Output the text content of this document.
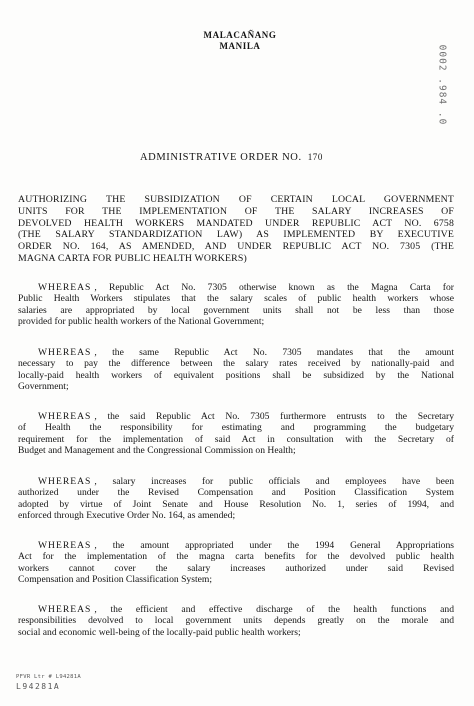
MALACAÑANG
MANILA	0002 .984 .0
ADMINISTRATIVE ORDER NO. 170
AUTHORIZING THE SUBSIDIZATION OF CERTAIN LOCAL GOVERNMENT
UNITS FOR THE IMPLEMENTATION OF THE SALARY INCREASES OF
DEVOLVED HEALTH WORKERS MANDATED UNDER REPUBLIC ACT NO. 6758
(THE SALARY STANDARDIZATION LAW) AS IMPLEMENTED BY EXECUTIVE
ORDER NO. 164, AS AMENDED, AND UNDER REPUBLIC ACT NO. 7305 (THE
MAGNA CARTA FOR PUBLIC HEALTH WORKERS)
WHEREAS , Republic Act No. 7305 otherwise known as the Magna Carta for
Public Health Workers stipulates that the salary scales of public health workers whose
salaries are appropriated by local government units shall not be less than those
provided for public health workers of the National Government;
WHEREAS , the same Republic Act No. 7305 mandates that the amount
necessary to pay the difference between the salary rates received by nationally-paid and
locally-paid health workers of equivalent positions shall be subsidized by the National
Government;
WHEREAS , the said Republic Act No. 7305 furthermore entrusts to the Secretary
of Health the responsibility for estimating and programming the budgetary
requirement for the implementation of said Act in consultation with the Secretary of
Budget and Management and the Congressional Commission on Health;
WHEREAS , salary increases for public officials and employees have been
authorized under the Revised Compensation and Position Classification System
adopted by virtue of Joint Senate and House Resolution No. 1, series of 1994, and
enforced through Executive Order No. 164, as amended;
WHEREAS , the amount appropriated under the 1994 General Appropriations
Act for the implementation of the magna carta benefits for the devolved public health
workers cannot cover the salary increases authorized under said Revised
Compensation and Position Classification System;
WHEREAS , the efficient and effective discharge of the health functions and
responsibilities devolved to local government units depends greatly on the morale and
social and economic well-being of the locally-paid public health workers;
PFVR Ltr # L94281A
L94281A
